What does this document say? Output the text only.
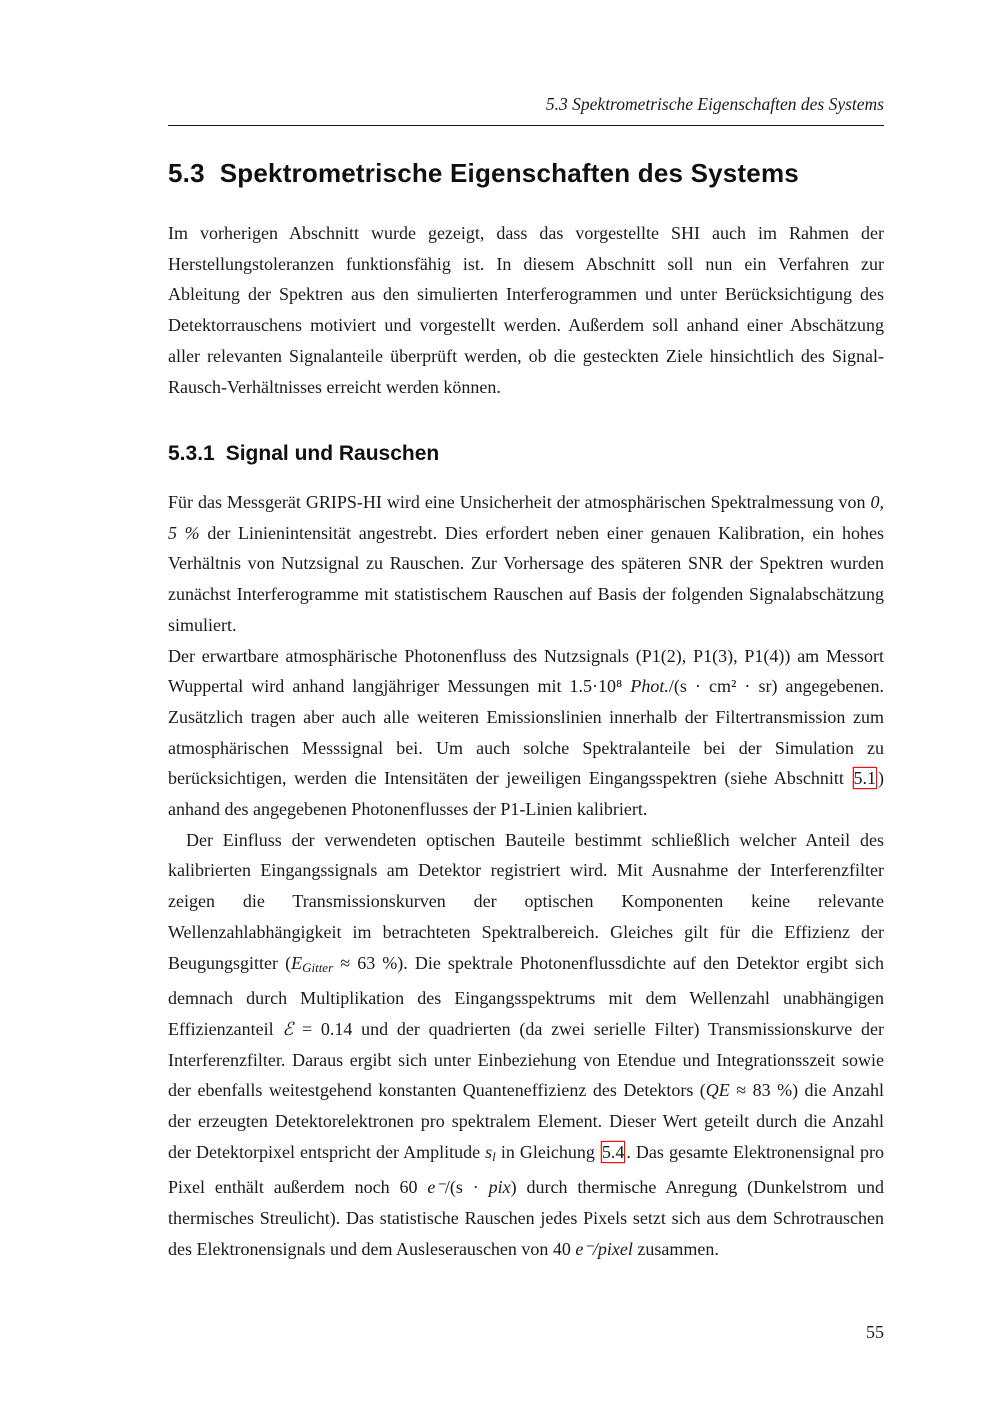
5.3 Spektrometrische Eigenschaften des Systems
5.3 Spektrometrische Eigenschaften des Systems

Im vorherigen Abschnitt wurde gezeigt, dass das vorgestellte SHI auch im Rahmen der Herstellungstoleranzen funktionsfähig ist. In diesem Abschnitt soll nun ein Verfahren zur Ableitung der Spektren aus den simulierten Interferogrammen und unter Berücksichtigung des Detektorrauschens motiviert und vorgestellt werden. Außerdem soll anhand einer Abschätzung aller relevanten Signalanteile überprüft werden, ob die gesteckten Ziele hinsichtlich des Signal-Rausch-Verhältnisses erreicht werden können.

5.3.1 Signal und Rauschen

Für das Messgerät GRIPS-HI wird eine Unsicherheit der atmosphärischen Spektralmessung von 0, 5 % der Linienintensität angestrebt. Dies erfordert neben einer genauen Kalibration, ein hohes Verhältnis von Nutzsignal zu Rauschen. Zur Vorhersage des späteren SNR der Spektren wurden zunächst Interferogramme mit statistischem Rauschen auf Basis der folgenden Signalabschätzung simuliert.

Der erwartbare atmosphärische Photonenfluss des Nutzsignals (P1(2), P1(3), P1(4)) am Messort Wuppertal wird anhand langjähriger Messungen mit 1.5·10⁸ Phot./(s · cm² · sr) angegebenen. Zusätzlich tragen aber auch alle weiteren Emissionslinien innerhalb der Filtertransmission zum atmosphärischen Messsignal bei. Um auch solche Spektralanteile bei der Simulation zu berücksichtigen, werden die Intensitäten der jeweiligen Eingangsspektren (siehe Abschnitt 5.1 ) anhand des angegebenen Photonenflusses der P1-Linien kalibriert.

Der Einfluss der verwendeten optischen Bauteile bestimmt schließlich welcher Anteil des kalibrierten Eingangssignals am Detektor registriert wird. Mit Ausnahme der Interferenzfilter zeigen die Transmissionskurven der optischen Komponenten keine relevante Wellenzahlabhängigkeit im betrachteten Spektralbereich. Gleiches gilt für die Effizienz der Beugungsgitter (EGitter ≈ 63 %). Die spektrale Photonenflussdichte auf den Detektor ergibt sich demnach durch Multiplikation des Eingangsspektrums mit dem Wellenzahl unabhängigen Effizienzanteil ℰ = 0.14 und der quadrierten (da zwei serielle Filter) Transmissionskurve der Interferenzfilter. Daraus ergibt sich unter Einbeziehung von Etendue und Integrationsszeit sowie der ebenfalls weitestgehend konstanten Quanteneffizienz des Detektors (QE ≈ 83 %) die Anzahl der erzeugten Detektorelektronen pro spektralem Element. Dieser Wert geteilt durch die Anzahl der Detektorpixel entspricht der Amplitude sl in Gleichung 5.4 . Das gesamte Elektronensignal pro Pixel enthält außerdem noch 60 e⁻/(s · pix) durch thermische Anregung (Dunkelstrom und thermisches Streulicht). Das statistische Rauschen jedes Pixels setzt sich aus dem Schrotrauschen des Elektronensignals und dem Ausleserauschen von 40 e⁻/pixel zusammen.

55
